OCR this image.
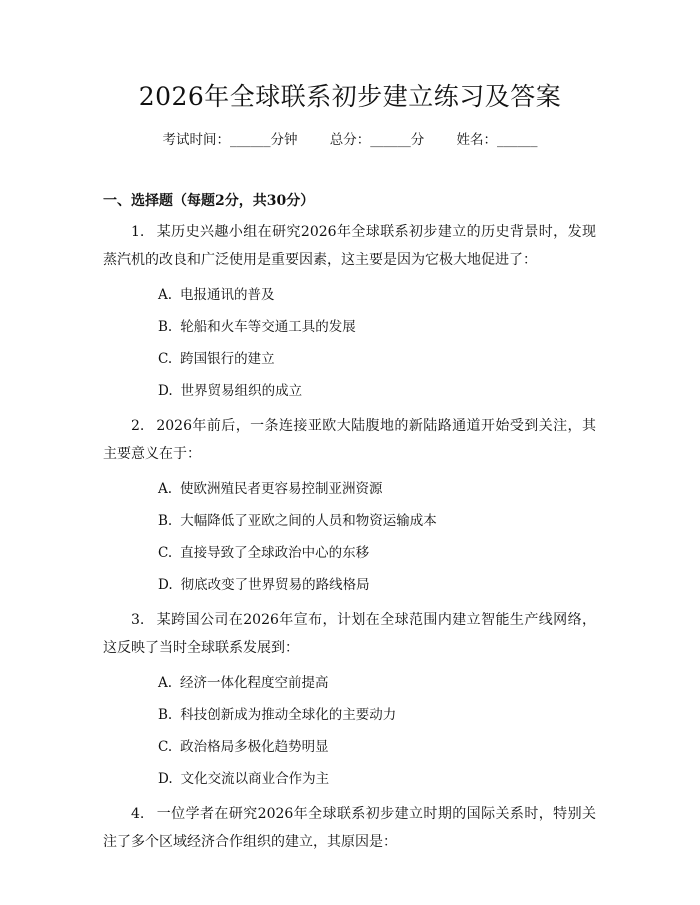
2026年全球联系初步建立练习及答案
考试时间：______分钟 总分：______分 姓名：______
一、选择题（每题2分，共30分）

1. 某历史兴趣小组在研究2026年全球联系初步建立的历史背景时，发现蒸汽机的改良和广泛使用是重要因素，这主要是因为它极大地促进了：

A. 电报通讯的普及
B. 轮船和火车等交通工具的发展
C. 跨国银行的建立
D. 世界贸易组织的成立

2. 2026年前后，一条连接亚欧大陆腹地的新陆路通道开始受到关注，其主要意义在于：

A. 使欧洲殖民者更容易控制亚洲资源
B. 大幅降低了亚欧之间的人员和物资运输成本
C. 直接导致了全球政治中心的东移
D. 彻底改变了世界贸易的路线格局

3. 某跨国公司在2026年宣布，计划在全球范围内建立智能生产线网络，这反映了当时全球联系发展到：

A. 经济一体化程度空前提高
B. 科技创新成为推动全球化的主要动力
C. 政治格局多极化趋势明显
D. 文化交流以商业合作为主

4. 一位学者在研究2026年全球联系初步建立时期的国际关系时，特别关注了多个区域经济合作组织的建立，其原因是：
